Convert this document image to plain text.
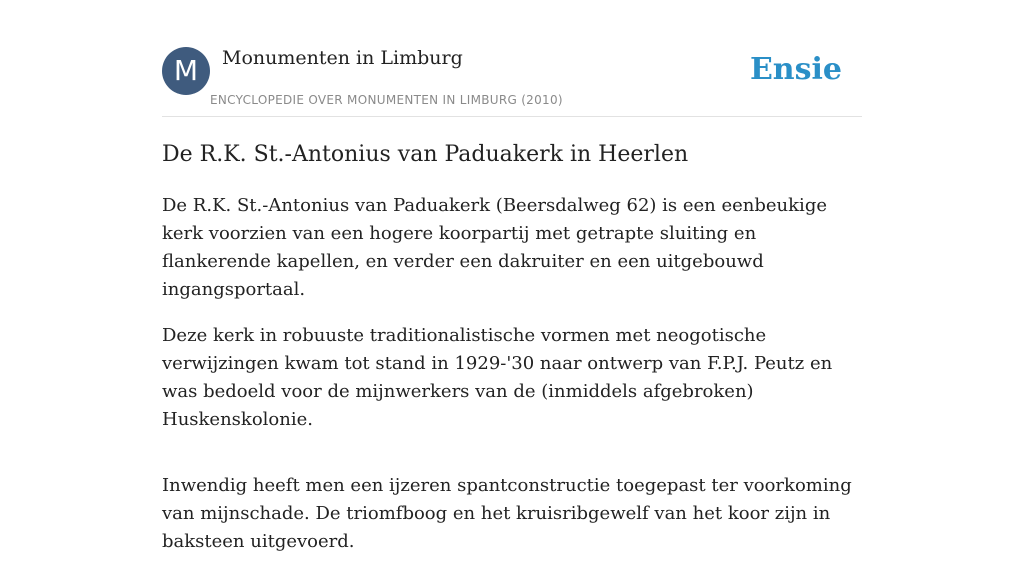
M	Monumenten in Limburg
ENCYCLOPEDIE OVER MONUMENTEN IN LIMBURG (2010)
Ensie
De R.K. St.-Antonius van Paduakerk in Heerlen

De R.K. St.-Antonius van Paduakerk (Beersdalweg 62) is een eenbeukige kerk voorzien van een hogere koorpartij met getrapte sluiting en flankerende kapellen, en verder een dakruiter en een uitgebouwd ingangsportaal.

Deze kerk in robuuste traditionalistische vormen met neogotische verwijzingen kwam tot stand in 1929-'30 naar ontwerp van F.P.J. Peutz en was bedoeld voor de mijnwerkers van de (inmiddels afgebroken) Huskenskolonie.

Inwendig heeft men een ijzeren spantconstructie toegepast ter voorkoming van mijnschade. De triomfboog en het kruisribgewelf van het koor zijn in baksteen uitgevoerd.
